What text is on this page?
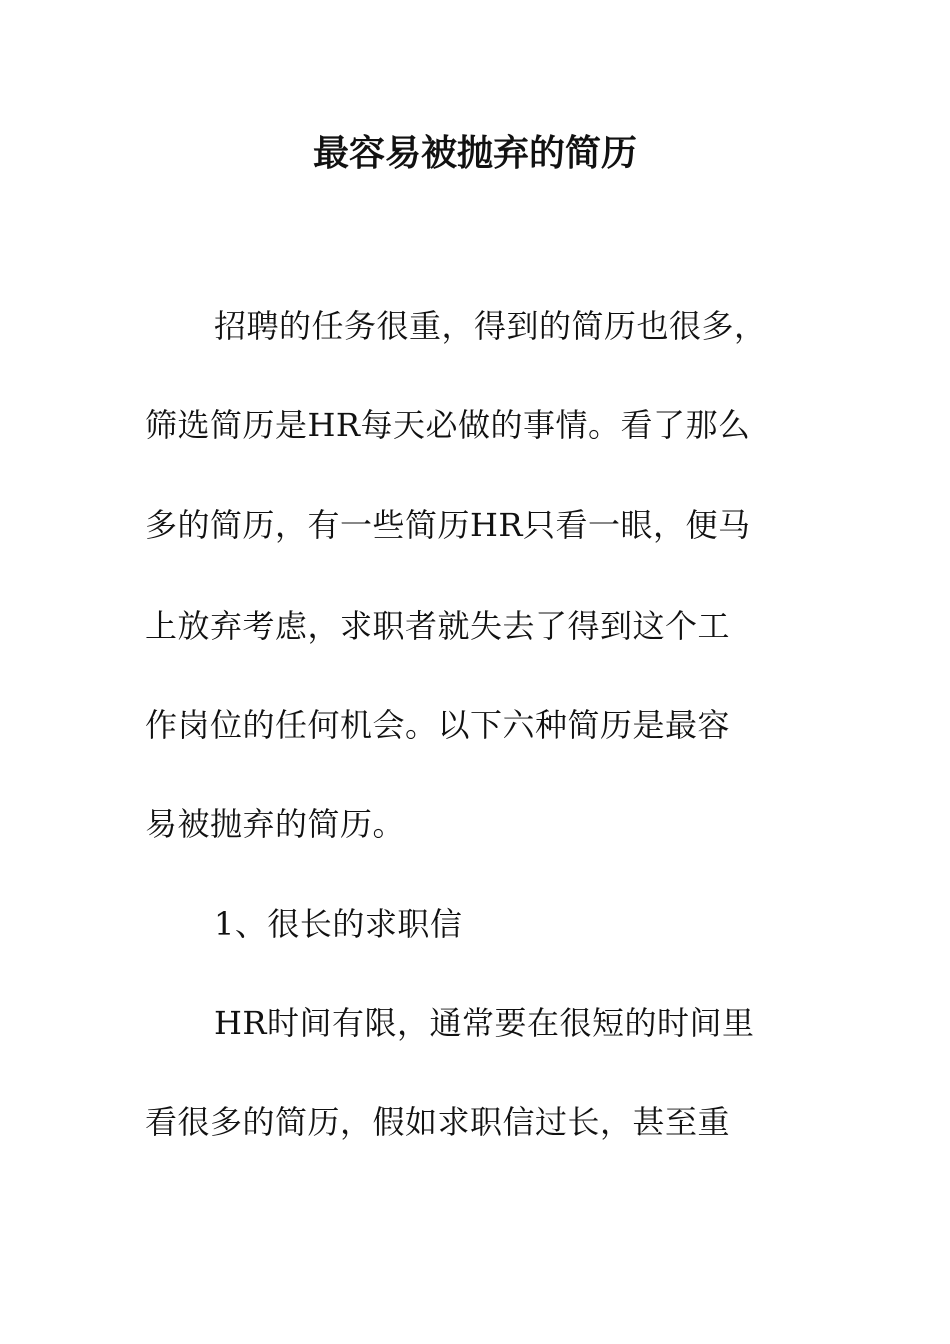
最容易被抛弃的简历

招聘的任务很重，得到的简历也很多，

筛选简历是HR每天必做的事情。看了那么

多的简历，有一些简历HR只看一眼，便马

上放弃考虑，求职者就失去了得到这个工

作岗位的任何机会。以下六种简历是最容

易被抛弃的简历。

1、很长的求职信

HR时间有限，通常要在很短的时间里

看很多的简历，假如求职信过长，甚至重
